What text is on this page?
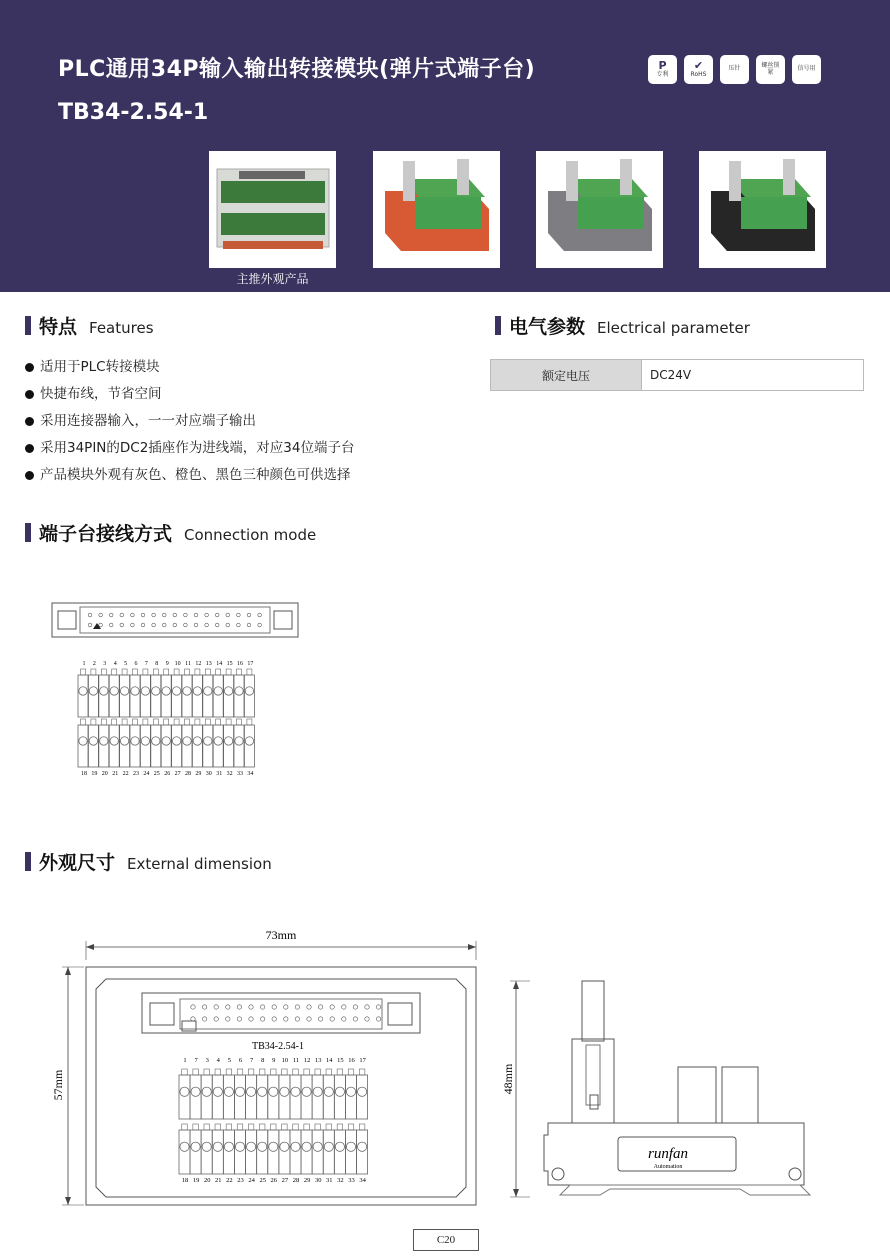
PLC通用34P输入输出转接模块(弹片式端子台)
TB34-2.54-1
P
专利
✔
RoHS
压针	螺丝锁紧	信号用
主推外观产品
特点 Features
适用于PLC转接模块
快捷布线，节省空间
采用连接器输入，一一对应端子输出
采用34PIN的DC2插座作为进线端，对应34位端子台
产品模块外观有灰色、橙色、黑色三种颜色可供选择
电气参数 Electrical parameter
额定电压	DC24V
端子台接线方式 Connection mode
1 2 3 4 5 6 7 8 9 10 11 12 13 14 15 16 17
18 19 20 21 22 23 24 25 26 27 28 29 30 31 32 33 34
外观尺寸 External dimension
73mm
57mm
TB34-2.54-1
1 7 3 4 5 6 7 8 9 10 11 12 13 14 15 16 17
18 19 20 21 22 23 24 25 26 27 28 29 30 31 32 33 34
48mm
runfan
Automation
C20
